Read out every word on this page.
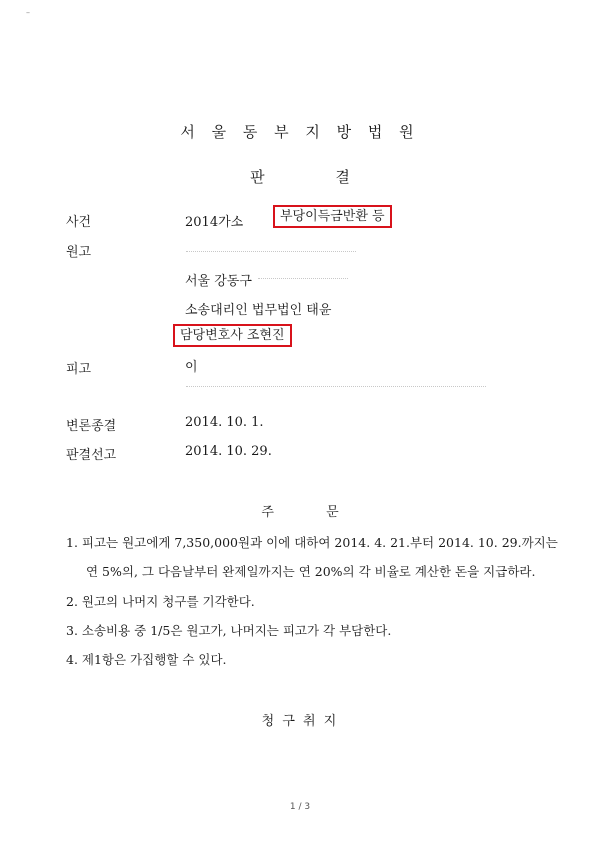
–
서 울 동 부 지 방 법 원
판 결
사건	2014가소	부당이득금반환 등
원고
서울 강동구
소송대리인 법무법인 태윤
담당변호사 조현진
피고	이
변론종결	2014. 10. 1.
판결선고	2014. 10. 29.
주 문
1. 피고는 원고에게 7,350,000원과 이에 대하여 2014. 4. 21.부터 2014. 10. 29.까지는
연 5%의, 그 다음날부터 완제일까지는 연 20%의 각 비율로 계산한 돈을 지급하라.
2. 원고의 나머지 청구를 기각한다.
3. 소송비용 중 1/5은 원고가, 나머지는 피고가 각 부담한다.
4. 제1항은 가집행할 수 있다.
청 구 취 지
1 / 3
